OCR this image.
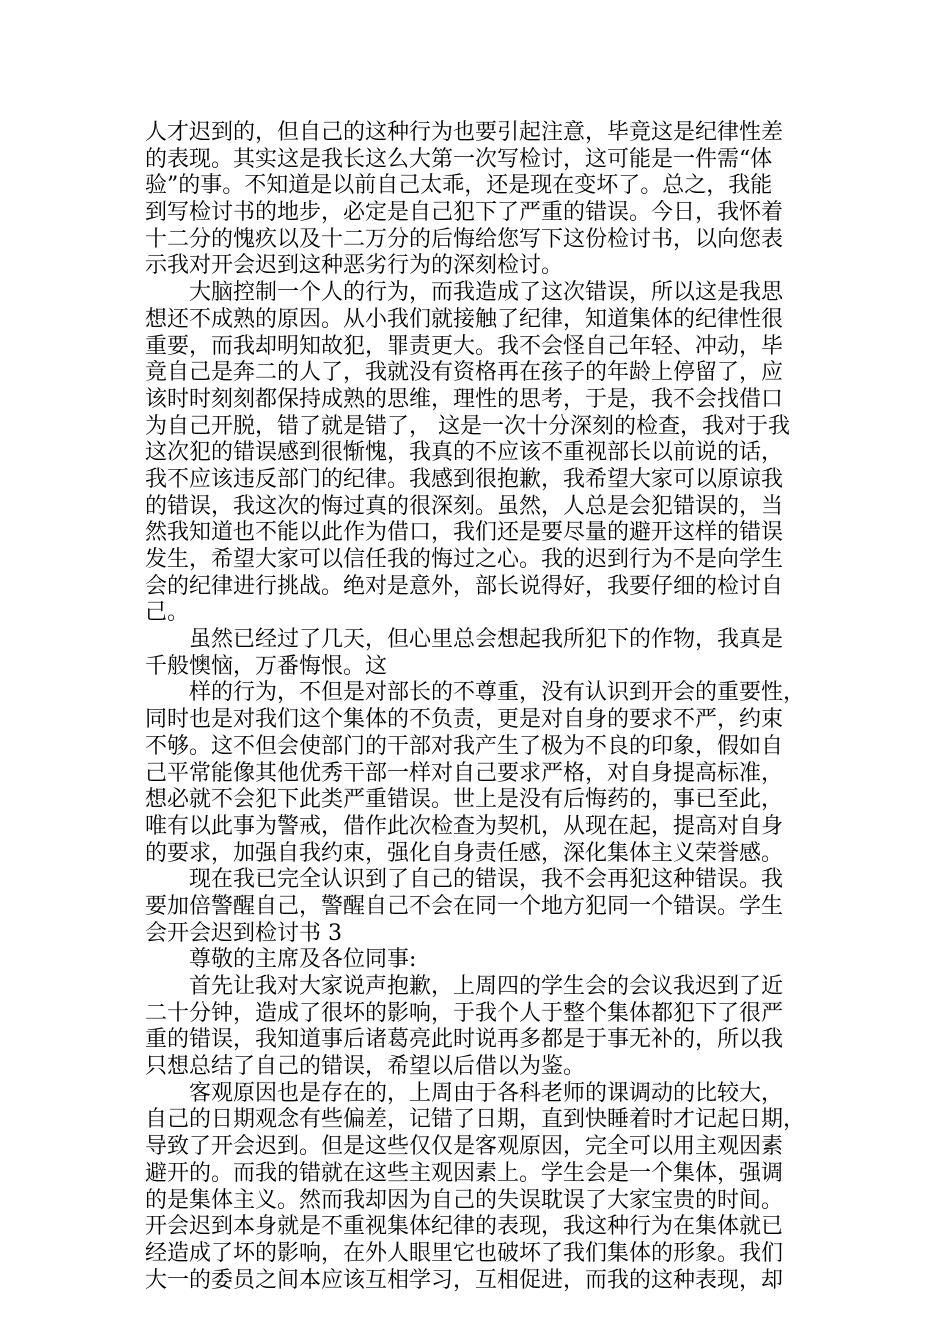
人才迟到的，但自己的这种行为也要引起注意，毕竟这是纪律性差
的表现。其实这是我长这么大第一次写检讨，这可能是一件需“体
验”的事。不知道是以前自己太乖，还是现在变坏了。总之，我能
到写检讨书的地步，必定是自己犯下了严重的错误。今日，我怀着
十二分的愧疚以及十二万分的后悔给您写下这份检讨书，以向您表
示我对开会迟到这种恶劣行为的深刻检讨。
大脑控制一个人的行为，而我造成了这次错误，所以这是我思
想还不成熟的原因。从小我们就接触了纪律，知道集体的纪律性很
重要，而我却明知故犯，罪责更大。我不会怪自己年轻、冲动，毕
竟自己是奔二的人了，我就没有资格再在孩子的年龄上停留了，应
该时时刻刻都保持成熟的思维，理性的思考，于是，我不会找借口
为自己开脱，错了就是错了， 这是一次十分深刻的检查，我对于我
这次犯的错误感到很惭愧，我真的不应该不重视部长以前说的话，
我不应该违反部门的纪律。我感到很抱歉，我希望大家可以原谅我
的错误，我这次的悔过真的很深刻。虽然，人总是会犯错误的，当
然我知道也不能以此作为借口，我们还是要尽量的避开这样的错误
发生，希望大家可以信任我的悔过之心。我的迟到行为不是向学生
会的纪律进行挑战。绝对是意外，部长说得好，我要仔细的检讨自
己。
虽然已经过了几天，但心里总会想起我所犯下的作物，我真是
千般懊恼，万番悔恨。这
样的行为，不但是对部长的不尊重，没有认识到开会的重要性，
同时也是对我们这个集体的不负责，更是对自身的要求不严，约束
不够。这不但会使部门的干部对我产生了极为不良的印象，假如自
己平常能像其他优秀干部一样对自己要求严格，对自身提高标准，
想必就不会犯下此类严重错误。世上是没有后悔药的，事已至此，
唯有以此事为警戒，借作此次检查为契机，从现在起，提高对自身
的要求，加强自我约束，强化自身责任感，深化集体主义荣誉感。
现在我已完全认识到了自己的错误，我不会再犯这种错误。我
要加倍警醒自己，警醒自己不会在同一个地方犯同一个错误。学生
会开会迟到检讨书 3
尊敬的主席及各位同事:
首先让我对大家说声抱歉，上周四的学生会的会议我迟到了近
二十分钟，造成了很坏的影响，于我个人于整个集体都犯下了很严
重的错误，我知道事后诸葛亮此时说再多都是于事无补的，所以我
只想总结了自己的错误，希望以后借以为鉴。
客观原因也是存在的，上周由于各科老师的课调动的比较大，
自己的日期观念有些偏差，记错了日期，直到快睡着时才记起日期，
导致了开会迟到。但是这些仅仅是客观原因，完全可以用主观因素
避开的。而我的错就在这些主观因素上。学生会是一个集体，强调
的是集体主义。然而我却因为自己的失误耽误了大家宝贵的时间。
开会迟到本身就是不重视集体纪律的表现，我这种行为在集体就已
经造成了坏的影响，在外人眼里它也破坏了我们集体的形象。我们
大一的委员之间本应该互相学习，互相促进，而我的这种表现，却
